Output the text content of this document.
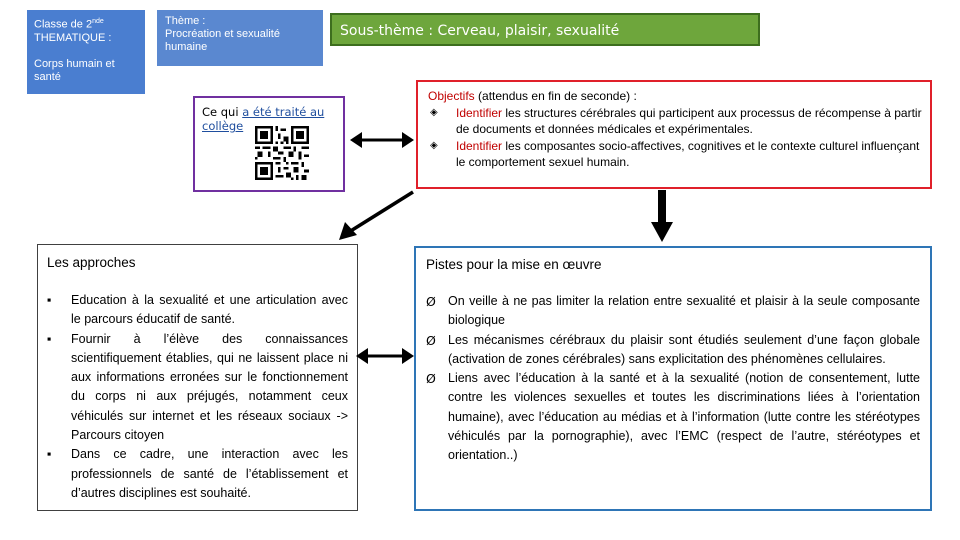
Classe de 2nde
THEMATIQUE :
Corps humain et santé
Thème :
Procréation et sexualité humaine
Sous-thème : Cerveau, plaisir, sexualité
Ce qui a été traité au collège
Objectifs (attendus en fin de seconde) :
◈ Identifier les structures cérébrales qui participent aux processus de récompense à partir de documents et données médicales et expérimentales.
◈ Identifier les composantes socio-affectives, cognitives et le contexte culturel influençant le comportement sexuel humain.
Les approches
▪ Education à la sexualité et une articulation avec le parcours éducatif de santé.
▪ Fournir à l’élève des connaissances scientifiquement établies, qui ne laissent place ni aux informations erronées sur le fonctionnement du corps ni aux préjugés, notamment ceux véhiculés sur internet et les réseaux sociaux -> Parcours citoyen
▪ Dans ce cadre, une interaction avec les professionnels de santé de l’établissement et d’autres disciplines est souhaité.
Pistes pour la mise en œuvre
Ø On veille à ne pas limiter la relation entre sexualité et plaisir à la seule composante biologique
Ø Les mécanismes cérébraux du plaisir sont étudiés seulement d’une façon globale (activation de zones cérébrales) sans explicitation des phénomènes cellulaires.
Ø Liens avec l’éducation à la santé et à la sexualité (notion de consentement, lutte contre les violences sexuelles et toutes les discriminations liées à l’orientation humaine), avec l’éducation au médias et à l’information (lutte contre les stéréotypes véhiculés par la pornographie), avec l’EMC (respect de l’autre, stéréotypes et orientation..)
